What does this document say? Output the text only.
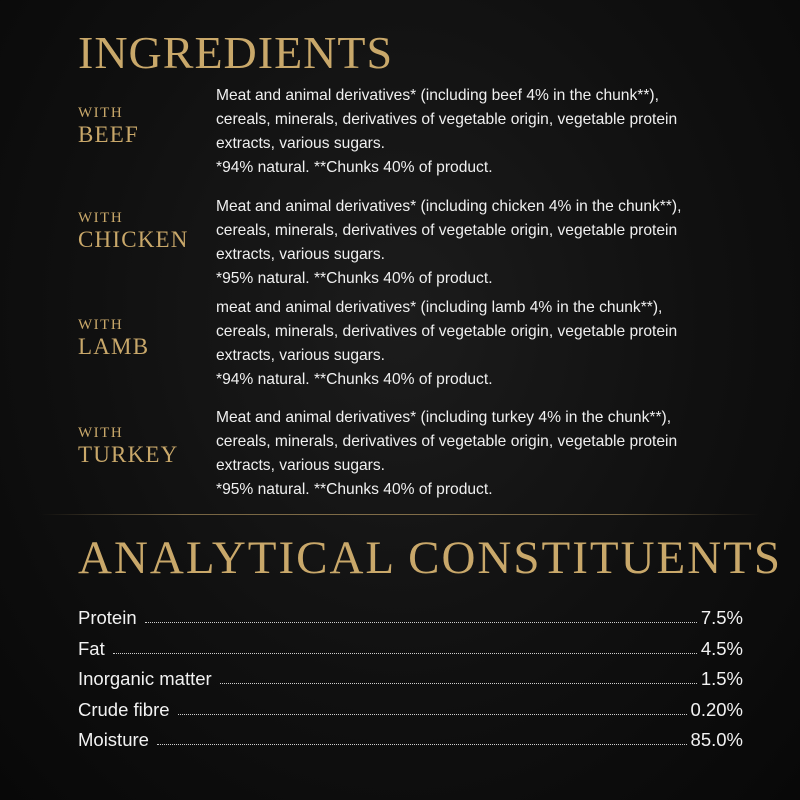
INGREDIENTS
WITH
BEEF
Meat and animal derivatives* (including beef 4% in the chunk**),
cereals, minerals, derivatives of vegetable origin, vegetable protein
extracts, various sugars.
*94% natural. **Chunks 40% of product.
WITH
CHICKEN
Meat and animal derivatives* (including chicken 4% in the chunk**),
cereals, minerals, derivatives of vegetable origin, vegetable protein
extracts, various sugars.
*95% natural. **Chunks 40% of product.
WITH
LAMB
meat and animal derivatives* (including lamb 4% in the chunk**),
cereals, minerals, derivatives of vegetable origin, vegetable protein
extracts, various sugars.
*94% natural. **Chunks 40% of product.
WITH
TURKEY
Meat and animal derivatives* (including turkey 4% in the chunk**),
cereals, minerals, derivatives of vegetable origin, vegetable protein
extracts, various sugars.
*95% natural. **Chunks 40% of product.
ANALYTICAL CONSTITUENTS
Protein	7.5%
Fat	4.5%
Inorganic matter	1.5%
Crude fibre	0.20%
Moisture	85.0%
